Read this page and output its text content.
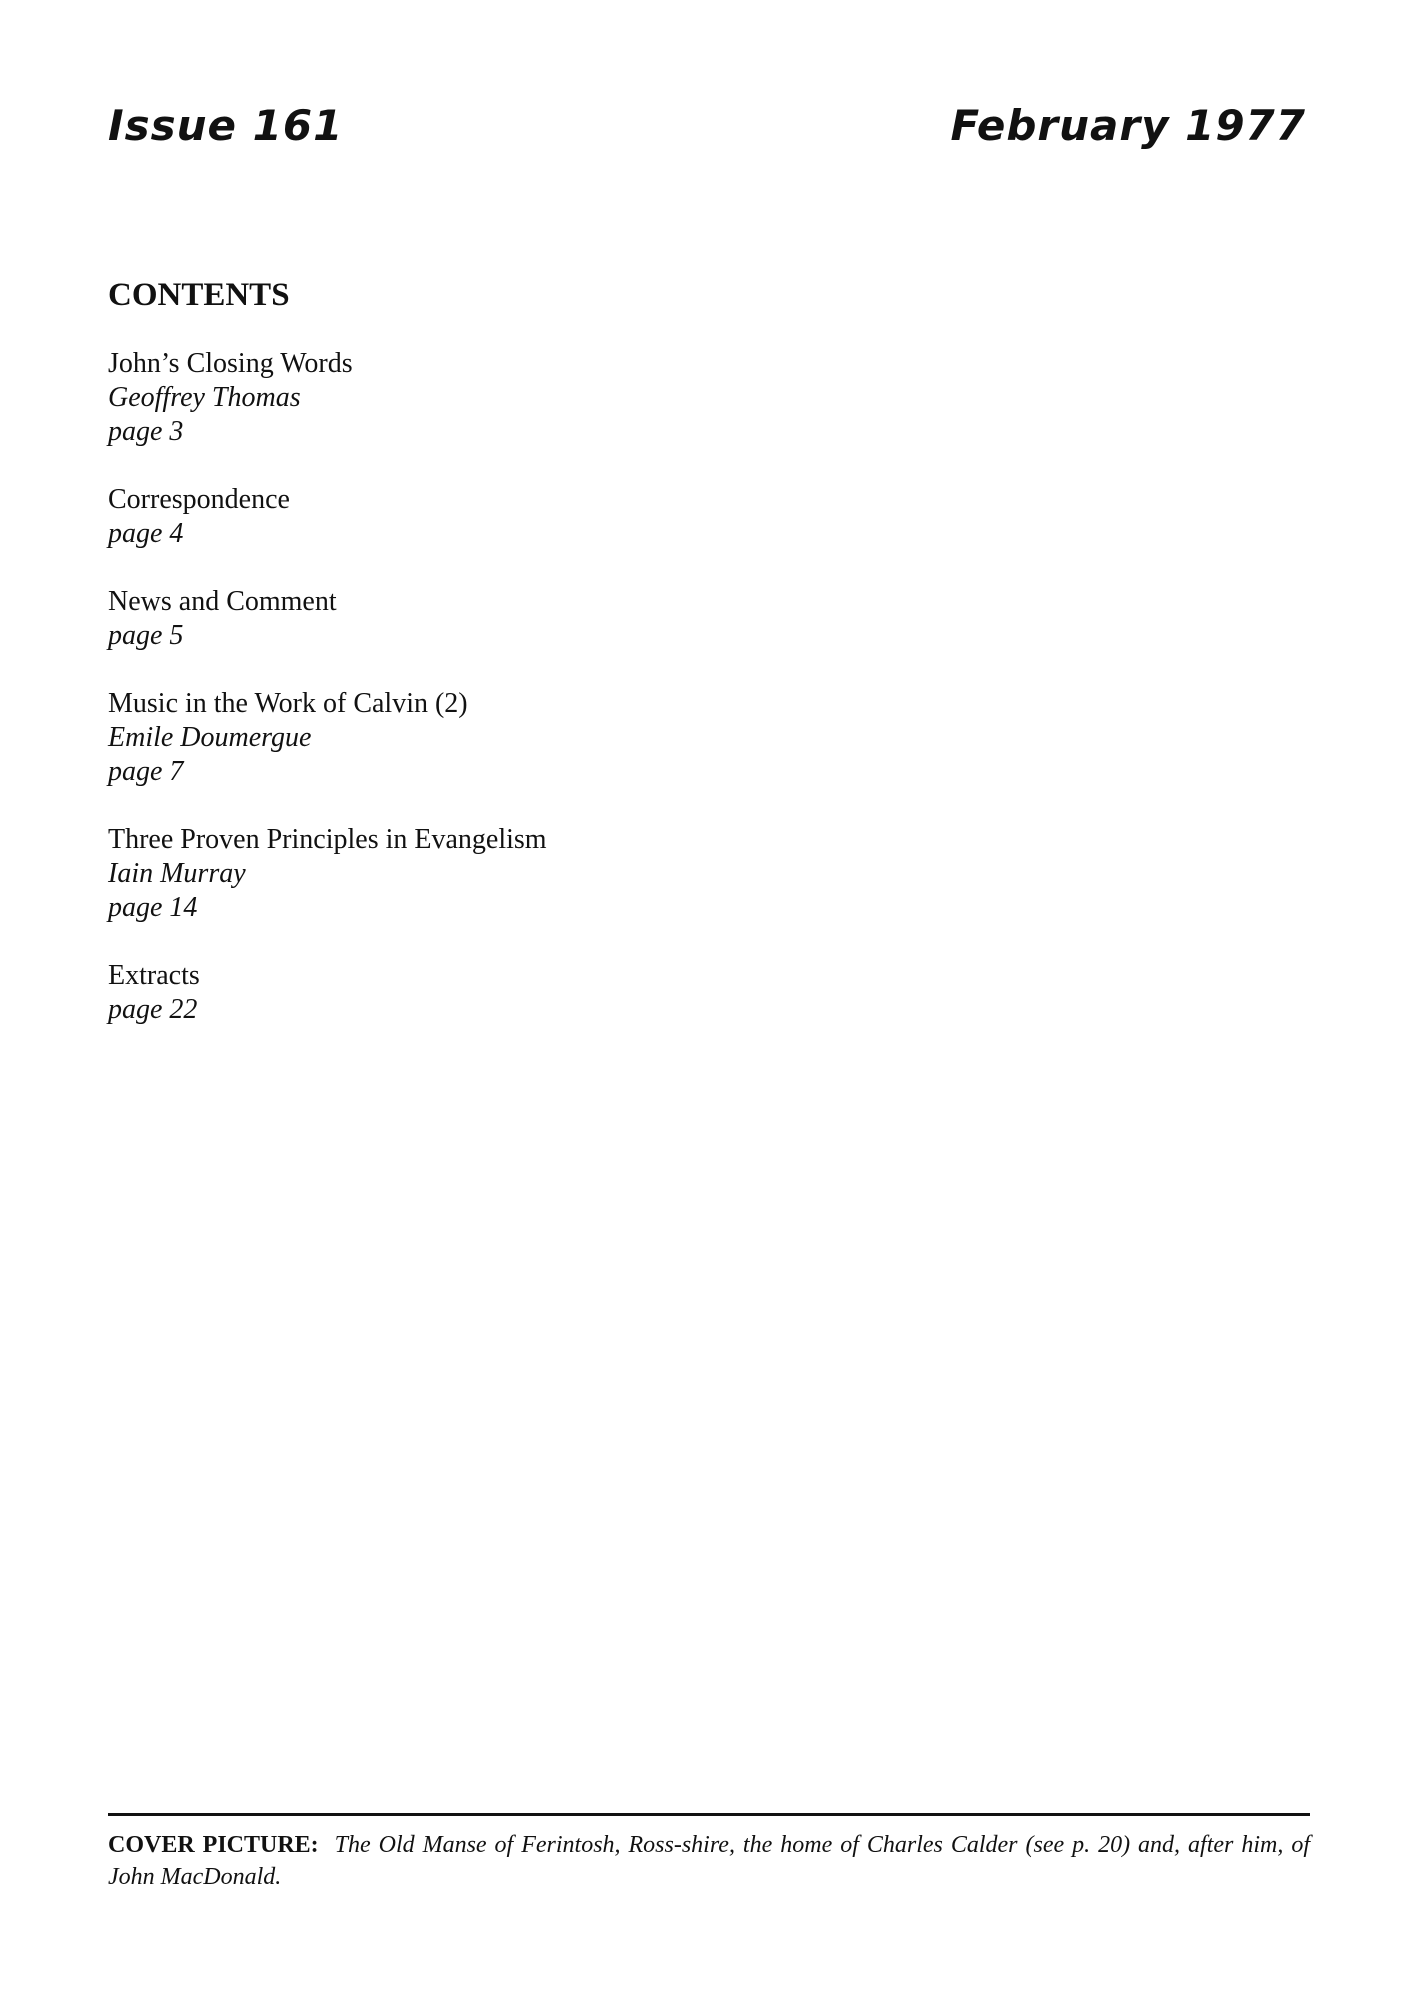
Issue 161	February 1977
CONTENTS
John’s Closing Words
Geoffrey Thomas
page 3
Correspondence
page 4
News and Comment
page 5
Music in the Work of Calvin (2)
Emile Doumergue
page 7
Three Proven Principles in Evangelism
Iain Murray
page 14
Extracts
page 22
COVER PICTURE: The Old Manse of Ferintosh, Ross-shire, the home of Charles Calder (see p. 20) and, after him, of John MacDonald.
